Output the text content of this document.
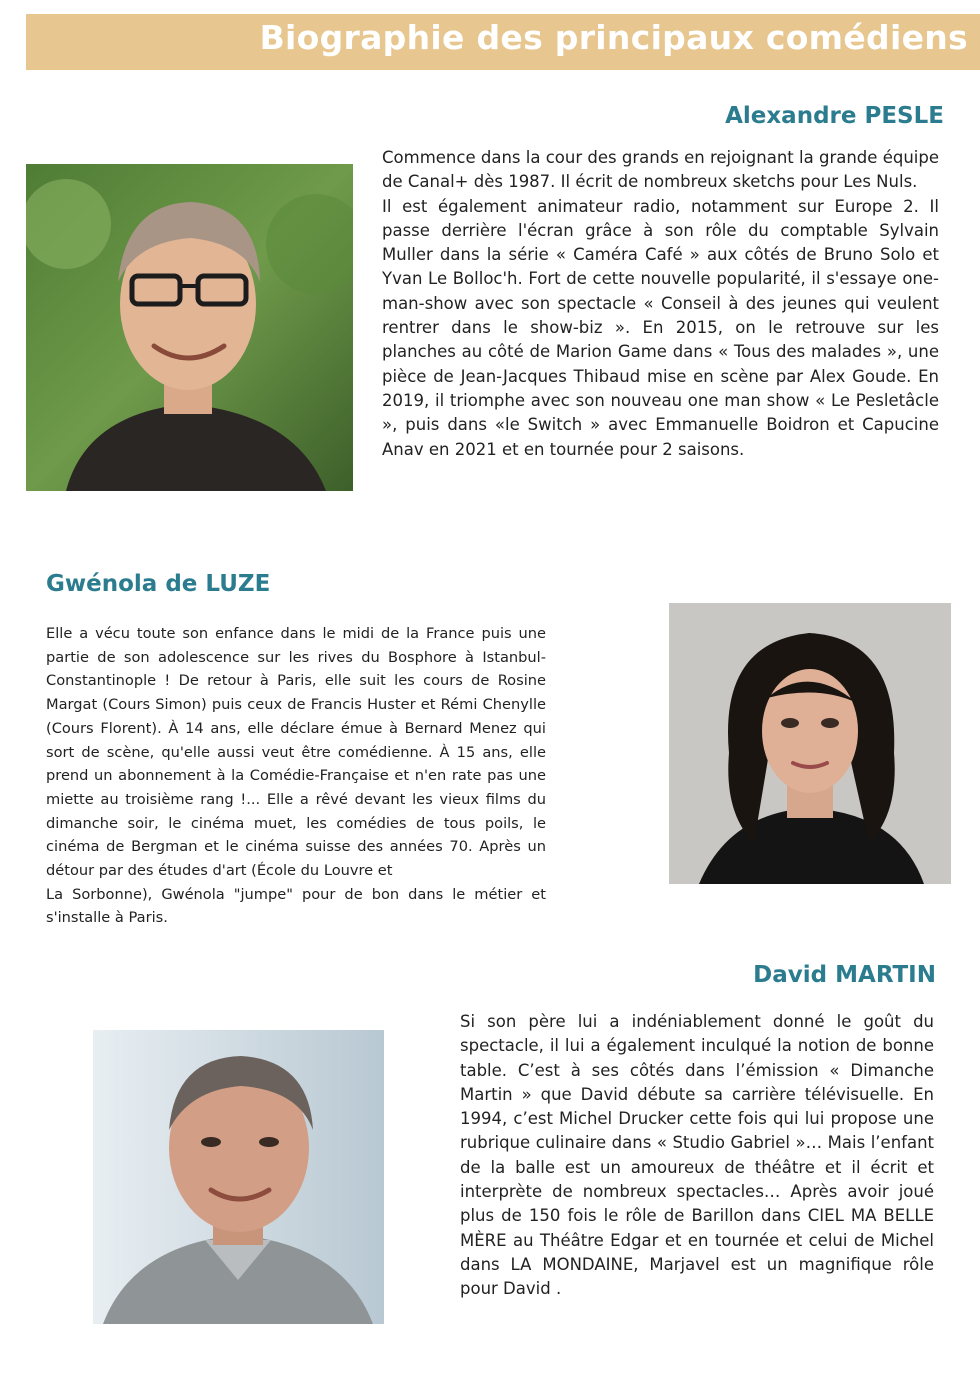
Biographie des principaux comédiens
Alexandre PESLE

Commence dans la cour des grands en rejoignant la grande équipe de Canal+ dès 1987. Il écrit de nombreux sketchs pour Les Nuls.
Il est également animateur radio, notamment sur Europe 2. Il passe derrière l'écran grâce à son rôle du comptable Sylvain Muller dans la série « Caméra Café » aux côtés de Bruno Solo et Yvan Le Bolloc'h. Fort de cette nouvelle popularité, il s'essaye one-man-show avec son spectacle « Conseil à des jeunes qui veulent rentrer dans le show-biz ». En 2015, on le retrouve sur les planches au côté de Marion Game dans « Tous des malades », une pièce de Jean-Jacques Thibaud mise en scène par Alex Goude. En 2019, il triomphe avec son nouveau one man show « Le Pesletâcle », puis dans «le Switch » avec Emmanuelle Boidron et Capucine Anav en 2021 et en tournée pour 2 saisons.

Gwénola de LUZE

Elle a vécu toute son enfance dans le midi de la France puis une partie de son adolescence sur les rives du Bosphore à Istanbul-Constantinople ! De retour à Paris, elle suit les cours de Rosine Margat (Cours Simon) puis ceux de Francis Huster et Rémi Chenylle (Cours Florent). À 14 ans, elle déclare émue à Bernard Menez qui sort de scène, qu'elle aussi veut être comédienne. À 15 ans, elle prend un abonnement à la Comédie-Française et n'en rate pas une miette au troisième rang !... Elle a rêvé devant les vieux films du dimanche soir, le cinéma muet, les comédies de tous poils, le cinéma de Bergman et le cinéma suisse des années 70. Après un détour par des études d'art (École du Louvre et
La Sorbonne), Gwénola "jumpe" pour de bon dans le métier et s'installe à Paris.

David MARTIN

Si son père lui a indéniablement donné le goût du spectacle, il lui a également inculqué la notion de bonne table. C’est à ses côtés dans l’émission « Dimanche Martin » que David débute sa carrière télévisuelle. En 1994, c’est Michel Drucker cette fois qui lui propose une rubrique culinaire dans « Studio Gabriel »… Mais l’enfant de la balle est un amoureux de théâtre et il écrit et interprète de nombreux spectacles… Après avoir joué plus de 150 fois le rôle de Barillon dans CIEL MA BELLE MÈRE au Théâtre Edgar et en tournée et celui de Michel dans LA MONDAINE, Marjavel est un magnifique rôle pour David .
